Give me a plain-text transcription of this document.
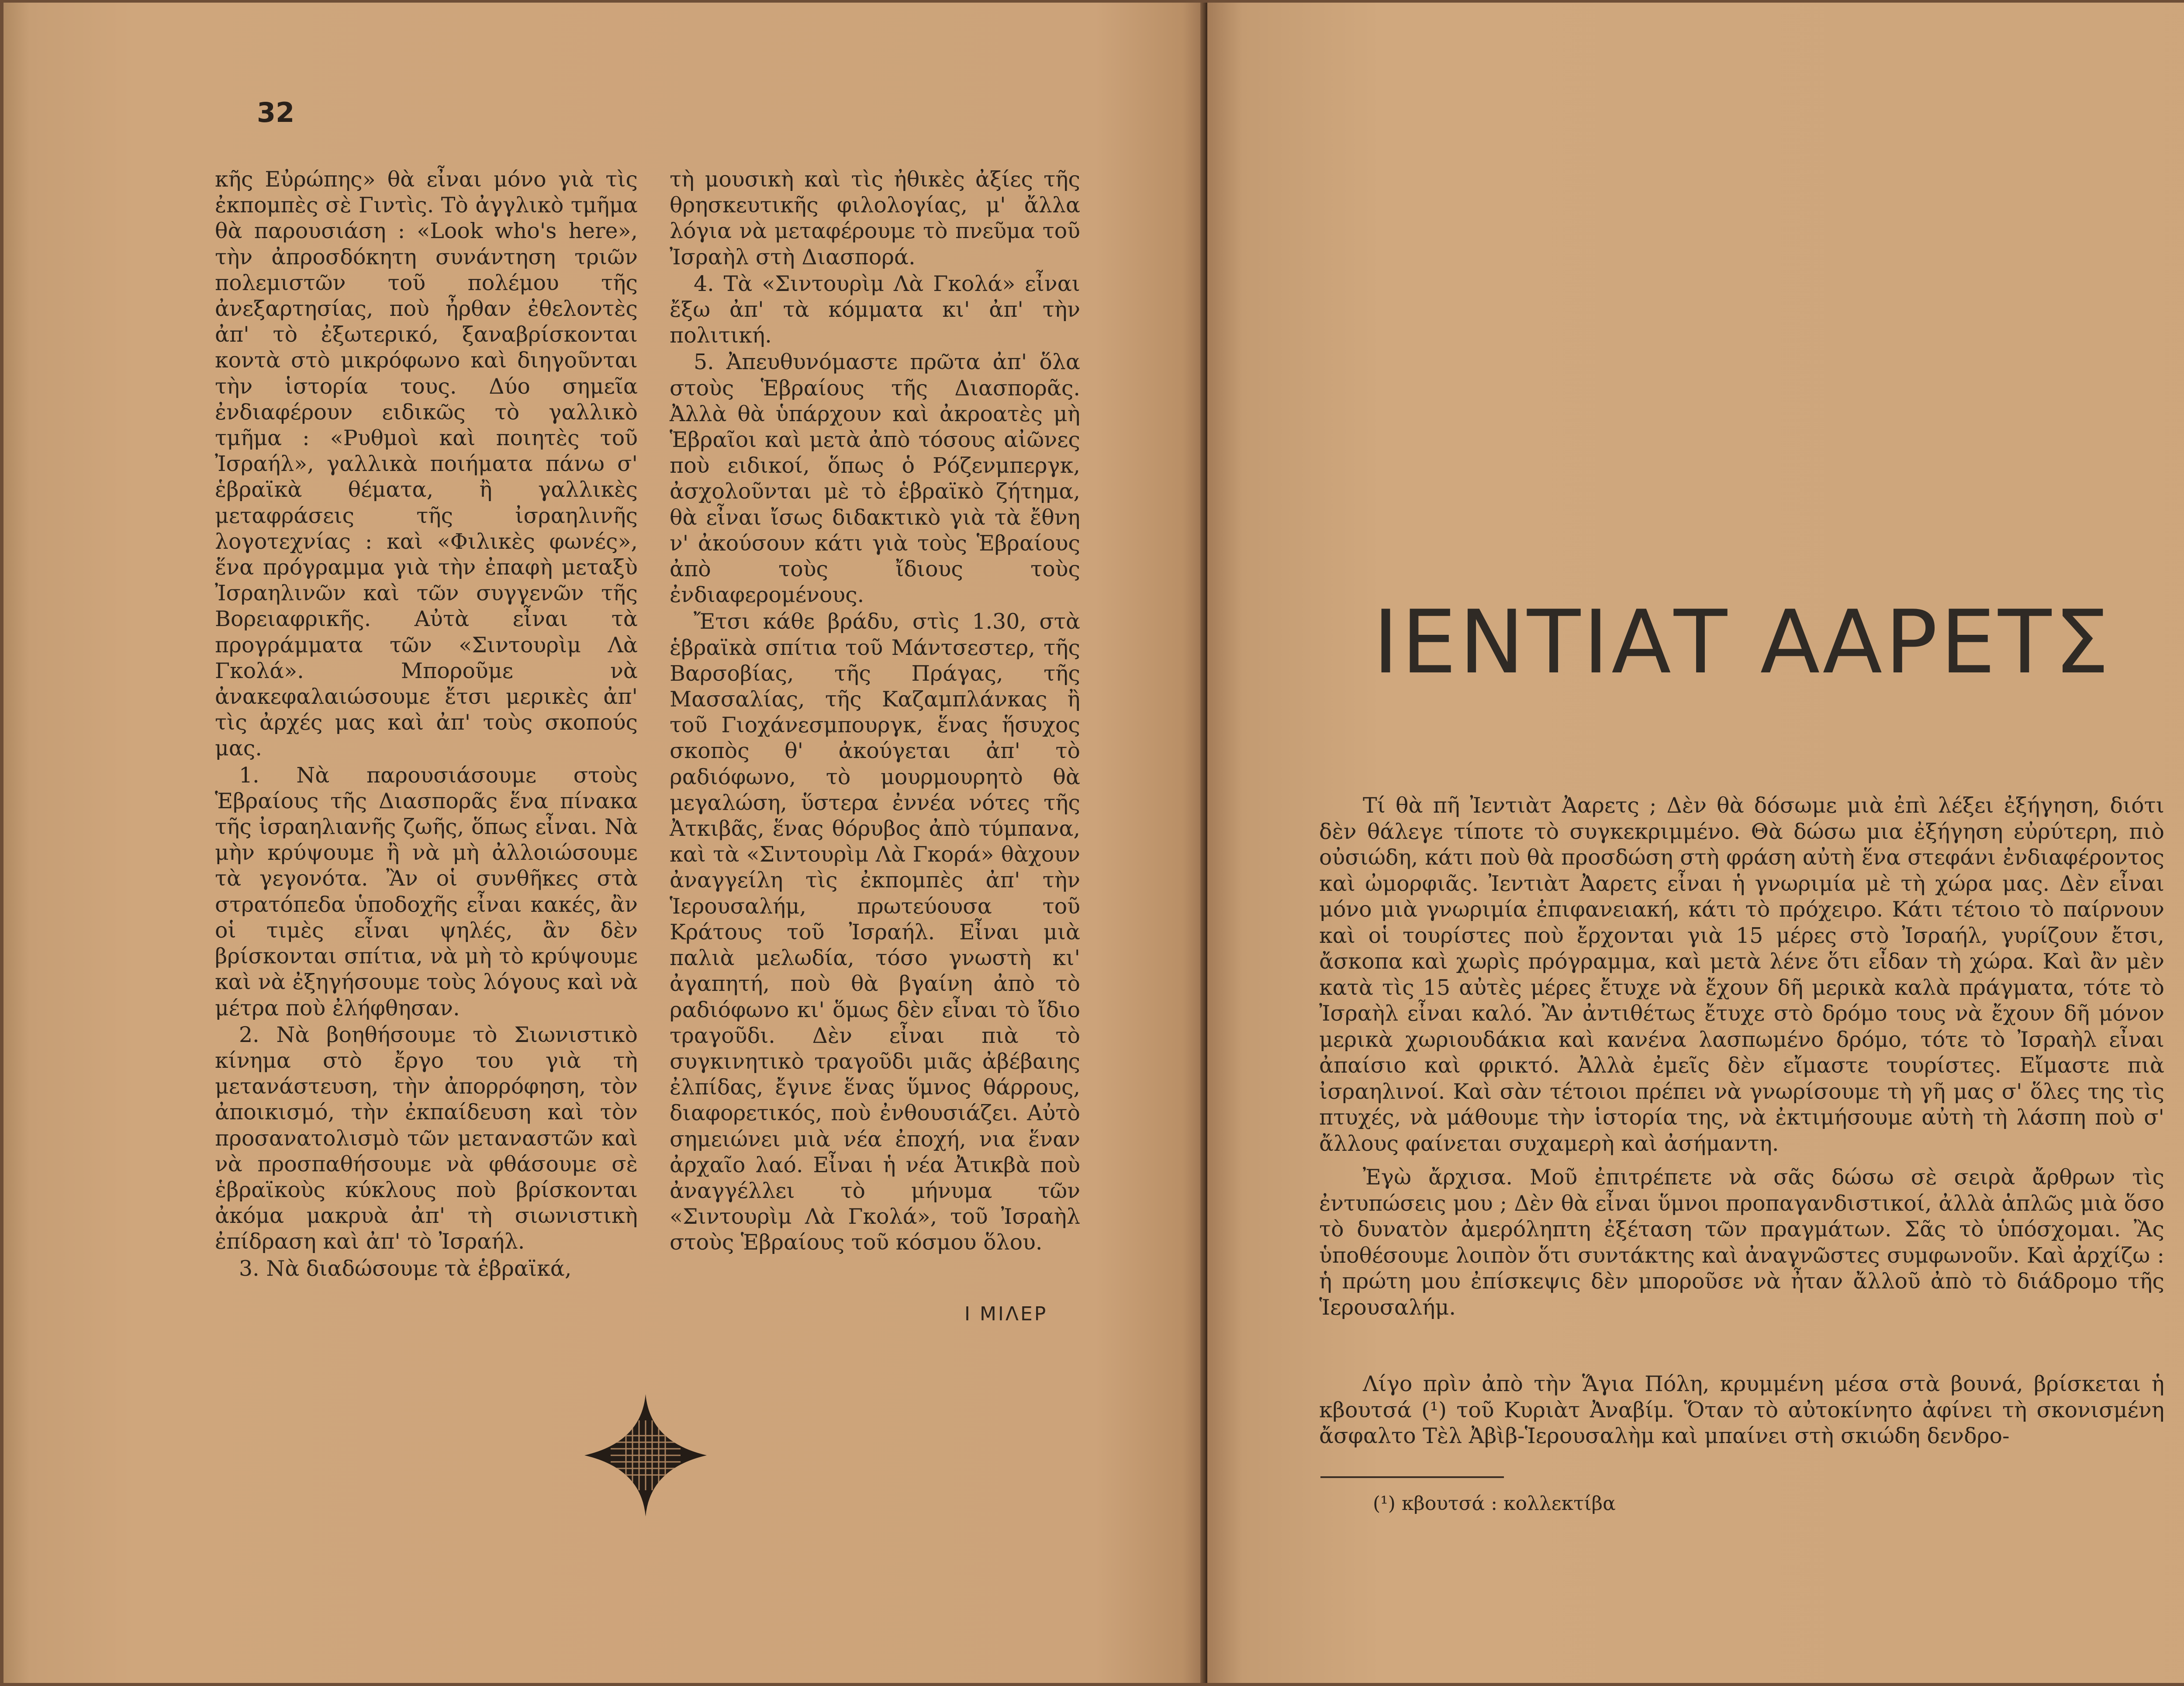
32

κῆς Εὐρώπης» θὰ εἶναι μόνο γιὰ τὶς ἐκπομπὲς σὲ Γιντὶς. Τὸ ἀγγλικὸ τμῆμα θὰ παρουσιάση : «Look who's here», τὴν ἀπροσδόκητη συνάντηση τριῶν πολεμιστῶν τοῦ πολέμου τῆς ἀνεξαρτησίας, ποὺ ἦρθαν ἐθελοντὲς ἀπ' τὸ ἐξωτερικό, ξαναβρίσκονται κοντὰ στὸ μικρόφωνο καὶ διηγοῦνται τὴν ἱστορία τους. Δύο σημεῖα ἐνδιαφέρουν ειδικῶς τὸ γαλλικὸ τμῆμα : «Ρυθμοὶ καὶ ποιητὲς τοῦ Ἰσραήλ», γαλλικὰ ποιήματα πάνω σ' ἑβραϊκὰ θέματα, ἢ γαλλικὲς μεταφράσεις τῆς ἰσραηλινῆς λογοτεχνίας : καὶ «Φιλικὲς φωνές», ἕνα πρόγραμμα γιὰ τὴν ἐπαφὴ μεταξὺ Ἰσραηλινῶν καὶ τῶν συγγενῶν τῆς Βορειαφρικῆς. Αὐτὰ εἶναι τὰ προγράμματα τῶν «Σιντουρὶμ Λὰ Γκολά». Μποροῦμε νὰ ἀνακεφαλαιώσουμε ἔτσι μερικὲς ἀπ' τὶς ἀρχές μας καὶ ἀπ' τοὺς σκοπούς μας.

1. Νὰ παρουσιάσουμε στοὺς Ἑβραίους τῆς Διασπορᾶς ἕνα πίνακα τῆς ἰσραηλιανῆς ζωῆς, ὅπως εἶναι. Νὰ μὴν κρύψουμε ἢ νὰ μὴ ἀλλοιώσουμε τὰ γεγονότα. Ἂν οἱ συνθῆκες στὰ στρατόπεδα ὑποδοχῆς εἶναι κακές, ἂν οἱ τιμὲς εἶναι ψηλές, ἂν δὲν βρίσκονται σπίτια, νὰ μὴ τὸ κρύψουμε καὶ νὰ ἐξηγήσουμε τοὺς λόγους καὶ νὰ μέτρα ποὺ ἐλήφθησαν.

2. Νὰ βοηθήσουμε τὸ Σιωνιστικὸ κίνημα στὸ ἔργο του γιὰ τὴ μετανάστευση, τὴν ἀπορρόφηση, τὸν ἀποικισμό, τὴν ἐκπαίδευση καὶ τὸν προσανατολισμὸ τῶν μεταναστῶν καὶ νὰ προσπαθήσουμε νὰ φθάσουμε σὲ ἑβραϊκοὺς κύκλους ποὺ βρίσκονται ἀκόμα μακρυὰ ἀπ' τὴ σιωνιστικὴ ἐπίδραση καὶ ἀπ' τὸ Ἰσραήλ.

3. Νὰ διαδώσουμε τὰ ἑβραϊκά,

τὴ μουσικὴ καὶ τὶς ἠθικὲς ἀξίες τῆς θρησκευτικῆς φιλολογίας, μ' ἄλλα λόγια νὰ μεταφέρουμε τὸ πνεῦμα τοῦ Ἰσραὴλ στὴ Διασπορά.

4. Τὰ «Σιντουρὶμ Λὰ Γκολά» εἶναι ἔξω ἀπ' τὰ κόμματα κι' ἀπ' τὴν πολιτική.

5. Ἀπευθυνόμαστε πρῶτα ἀπ' ὅλα στοὺς Ἑβραίους τῆς Διασπορᾶς. Ἀλλὰ θὰ ὑπάρχουν καὶ ἀκροατὲς μὴ Ἑβραῖοι καὶ μετὰ ἀπὸ τόσους αἰῶνες ποὺ ειδικοί, ὅπως ὁ Ρόζενμπεργκ, ἀσχολοῦνται μὲ τὸ ἑβραϊκὸ ζήτημα, θὰ εἶναι ἴσως διδακτικὸ γιὰ τὰ ἔθνη ν' ἀκούσουν κάτι γιὰ τοὺς Ἑβραίους ἀπὸ τοὺς ἴδιους τοὺς ἐνδιαφερομένους.

Ἔτσι κάθε βράδυ, στὶς 1.30, στὰ ἑβραϊκὰ σπίτια τοῦ Μάντσεστερ, τῆς Βαρσοβίας, τῆς Πράγας, τῆς Μασσαλίας, τῆς Καζαμπλάνκας ἢ τοῦ Γιοχάνεσμπουργκ, ἕνας ἥσυχος σκοπὸς θ' ἀκούγεται ἀπ' τὸ ραδιόφωνο, τὸ μουρμουρητὸ θὰ μεγαλώση, ὕστερα ἐννέα νότες τῆς Ἀτκιβᾶς, ἕνας θόρυβος ἀπὸ τύμπανα, καὶ τὰ «Σιντουρὶμ Λὰ Γκορά» θὰχουν ἀναγγείλη τὶς ἐκπομπὲς ἀπ' τὴν Ἱερουσαλήμ, πρωτεύουσα τοῦ Κράτους τοῦ Ἰσραήλ. Εἶναι μιὰ παλιὰ μελωδία, τόσο γνωστὴ κι' ἀγαπητή, ποὺ θὰ βγαίνη ἀπὸ τὸ ραδιόφωνο κι' ὅμως δὲν εἶναι τὸ ἴδιο τραγοῦδι. Δὲν εἶναι πιὰ τὸ συγκινητικὸ τραγοῦδι μιᾶς ἀβέβαιης ἐλπίδας, ἔγινε ἕνας ὕμνος θάρρους, διαφορετικός, ποὺ ἐνθουσιάζει. Αὐτὸ σημειώνει μιὰ νέα ἐποχή, νια ἕναν ἀρχαῖο λαό. Εἶναι ἡ νέα Ἀτικβὰ ποὺ ἀναγγέλλει τὸ μήνυμα τῶν «Σιντουρὶμ Λὰ Γκολά», τοῦ Ἰσραὴλ στοὺς Ἑβραίους τοῦ κόσμου ὅλου.

Ι ΜΙΛΕΡ
ΙΕΝΤΙΑΤ ΑΑΡΕΤΣ

Τί θὰ πῆ Ἰεντιὰτ Ἀαρετς ; Δὲν θὰ δόσωμε μιὰ ἐπὶ λέξει ἐξήγηση, διότι δὲν θάλεγε τίποτε τὸ συγκεκριμμένο. Θὰ δώσω μια ἐξήγηση εὐρύτερη, πιὸ οὐσιώδη, κάτι ποὺ θὰ προσδώση στὴ φράση αὐτὴ ἕνα στεφάνι ἐνδιαφέροντος καὶ ὠμορφιᾶς. Ἰεντιὰτ Ἀαρετς εἶναι ἡ γνωριμία μὲ τὴ χώρα μας. Δὲν εἶναι μόνο μιὰ γνωριμία ἐπιφανειακή, κάτι τὸ πρόχειρο. Κάτι τέτοιο τὸ παίρνουν καὶ οἱ τουρίστες ποὺ ἔρχονται γιὰ 15 μέρες στὸ Ἰσραήλ, γυρίζουν ἔτσι, ἄσκοπα καὶ χωρὶς πρόγραμμα, καὶ μετὰ λένε ὅτι εἶδαν τὴ χώρα. Καὶ ἂν μὲν κατὰ τὶς 15 αὐτὲς μέρες ἔτυχε νὰ ἔχουν δῆ μερικὰ καλὰ πράγματα, τότε τὸ Ἰσραὴλ εἶναι καλό. Ἂν ἀντιθέτως ἔτυχε στὸ δρόμο τους νὰ ἔχουν δῆ μόνον μερικὰ χωριουδάκια καὶ κανένα λασπωμένο δρόμο, τότε τὸ Ἰσραὴλ εἶναι ἀπαίσιο καὶ φρικτό. Ἀλλὰ ἐμεῖς δὲν εἴμαστε τουρίστες. Εἴμαστε πιὰ ἰσραηλινοί. Καὶ σὰν τέτοιοι πρέπει νὰ γνωρίσουμε τὴ γῆ μας σ' ὅλες της τὶς πτυχές, νὰ μάθουμε τὴν ἱστορία της, νὰ ἐκτιμήσουμε αὐτὴ τὴ λάσπη ποὺ σ' ἄλλους φαίνεται συχαμερὴ καὶ ἀσήμαντη.

Ἐγὼ ἄρχισα. Μοῦ ἐπιτρέπετε νὰ σᾶς δώσω σὲ σειρὰ ἄρθρων τὶς ἐντυπώσεις μου ; Δὲν θὰ εἶναι ὕμνοι προπαγανδιστικοί, ἀλλὰ ἁπλῶς μιὰ ὅσο τὸ δυνατὸν ἀμερόληπτη ἐξέταση τῶν πραγμάτων. Σᾶς τὸ ὑπόσχομαι. Ἂς ὑποθέσουμε λοιπὸν ὅτι συντάκτης καὶ ἀναγνῶστες συμφωνοῦν. Καὶ ἀρχίζω : ἡ πρώτη μου ἐπίσκεψις δὲν μποροῦσε νὰ ἦταν ἄλλοῦ ἀπὸ τὸ διάδρομο τῆς Ἱερουσαλήμ.

Λίγο πρὶν ἀπὸ τὴν Ἅγια Πόλη, κρυμμένη μέσα στὰ βουνά, βρίσκεται ἡ κβουτσά (¹) τοῦ Κυριὰτ Ἀναβίμ. Ὅταν τὸ αὐτοκίνητο ἀφίνει τὴ σκονισμένη ἄσφαλτο Τὲλ Ἀβὶβ-Ἱερουσαλὴμ καὶ μπαίνει στὴ σκιώδη δενδρο-

(¹) κβουτσά : κολλεκτίβα
